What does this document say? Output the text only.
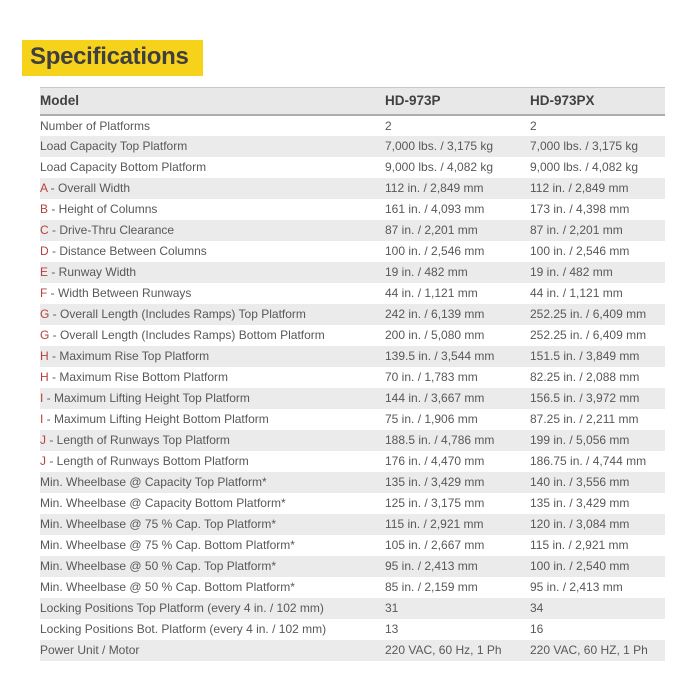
Specifications
Model	HD-973P	HD-973PX
Number of Platforms	2	2
Load Capacity Top Platform	7,000 lbs. / 3,175 kg	7,000 lbs. / 3,175 kg
Load Capacity Bottom Platform	9,000 lbs. / 4,082 kg	9,000 lbs. / 4,082 kg
A - Overall Width	112 in. / 2,849 mm	112 in. / 2,849 mm
B - Height of Columns	161 in. / 4,093 mm	173 in. / 4,398 mm
C - Drive-Thru Clearance	87 in. / 2,201 mm	87 in. / 2,201 mm
D - Distance Between Columns	100 in. / 2,546 mm	100 in. / 2,546 mm
E - Runway Width	19 in. / 482 mm	19 in. / 482 mm
F - Width Between Runways	44 in. / 1,121 mm	44 in. / 1,121 mm
G - Overall Length (Includes Ramps) Top Platform	242 in. / 6,139 mm	252.25 in. / 6,409 mm
G - Overall Length (Includes Ramps) Bottom Platform	200 in. / 5,080 mm	252.25 in. / 6,409 mm
H - Maximum Rise Top Platform	139.5 in. / 3,544 mm	151.5 in. / 3,849 mm
H - Maximum Rise Bottom Platform	70 in. / 1,783 mm	82.25 in. / 2,088 mm
I - Maximum Lifting Height Top Platform	144 in. / 3,667 mm	156.5 in. / 3,972 mm
I - Maximum Lifting Height Bottom Platform	75 in. / 1,906 mm	87.25 in. / 2,211 mm
J - Length of Runways Top Platform	188.5 in. / 4,786 mm	199 in. / 5,056 mm
J - Length of Runways Bottom Platform	176 in. / 4,470 mm	186.75 in. / 4,744 mm
Min. Wheelbase @ Capacity Top Platform*	135 in. / 3,429 mm	140 in. / 3,556 mm
Min. Wheelbase @ Capacity Bottom Platform*	125 in. / 3,175 mm	135 in. / 3,429 mm
Min. Wheelbase @ 75 % Cap. Top Platform*	115 in. / 2,921 mm	120 in. / 3,084 mm
Min. Wheelbase @ 75 % Cap. Bottom Platform*	105 in. / 2,667 mm	115 in. / 2,921 mm
Min. Wheelbase @ 50 % Cap. Top Platform*	95 in. / 2,413 mm	100 in. / 2,540 mm
Min. Wheelbase @ 50 % Cap. Bottom Platform*	85 in. / 2,159 mm	95 in. / 2,413 mm
Locking Positions Top Platform (every 4 in. / 102 mm)	31	34
Locking Positions Bot. Platform (every 4 in. / 102 mm)	13	16
Power Unit / Motor	220 VAC, 60 Hz, 1 Ph	220 VAC, 60 HZ, 1 Ph
